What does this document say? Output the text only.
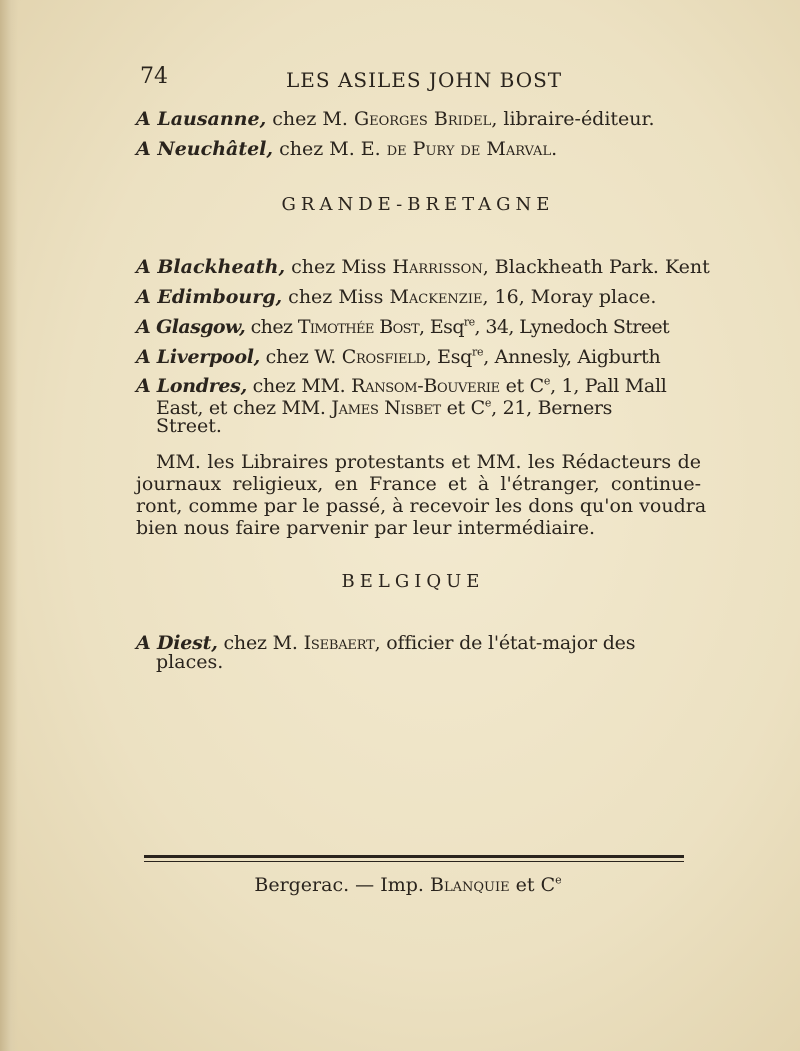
74	LES ASILES JOHN BOST
A Lausanne, chez M. Georges Bridel, libraire-éditeur.
A Neuchâtel, chez M. E. de Pury de Marval.
GRANDE-BRETAGNE
A Blackheath, chez Miss Harrisson, Blackheath Park. Kent
A Edimbourg, chez Miss Mackenzie, 16, Moray place.
A Glasgow, chez Timothée Bost, Esq$^{re}$, 34, Lynedoch Street
A Liverpool, chez W. Crosfield, Esq$^{re}$, Annesly, Aigburth
A Londres, chez MM. Ransom-Bouverie et Ce, 1, Pall Mall
East, et chez MM. James Nisbet et Ce, 21, Berners
Street.
MM. les Libraires protestants et MM. les Rédacteurs de
journaux religieux, en France et à l'étranger, continue-
ront, comme par le passé, à recevoir les dons qu'on voudra
bien nous faire parvenir par leur intermédiaire.
BELGIQUE
A Diest, chez M. Isebaert, officier de l'état-major des
places.
Bergerac. — Imp. Blanquie et Ce
